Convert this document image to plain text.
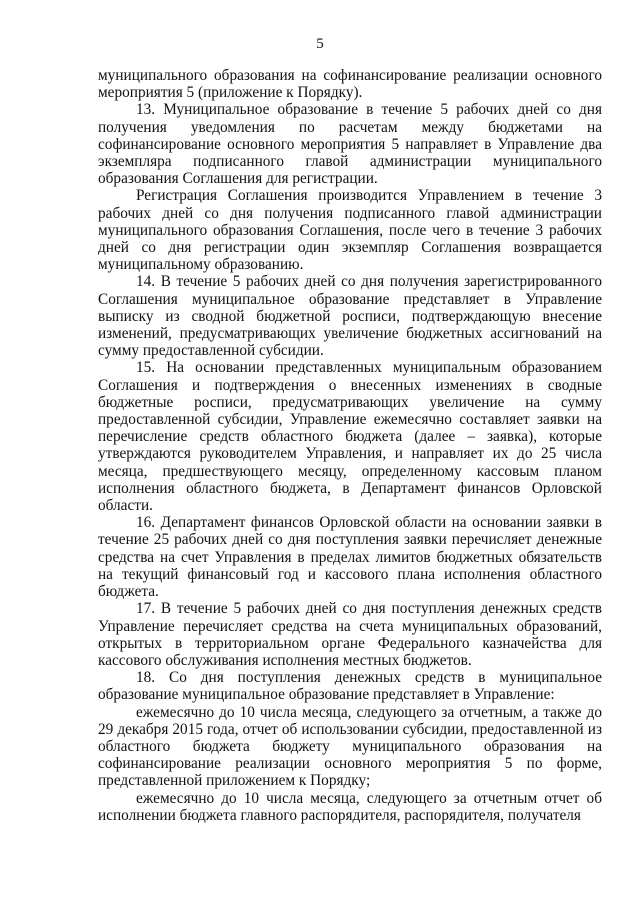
5

муниципального образования на софинансирование реализации основного мероприятия 5 (приложение к Порядку).

13. Муниципальное образование в течение 5 рабочих дней со дня получения уведомления по расчетам между бюджетами на софинансирование основного мероприятия 5 направляет в Управление два экземпляра подписанного главой администрации муниципального образования Соглашения для регистрации.

Регистрация Соглашения производится Управлением в течение 3 рабочих дней со дня получения подписанного главой администрации муниципального образования Соглашения, после чего в течение 3 рабочих дней со дня регистрации один экземпляр Соглашения возвращается муниципальному образованию.

14. В течение 5 рабочих дней со дня получения зарегистрированного Соглашения муниципальное образование представляет в Управление выписку из сводной бюджетной росписи, подтверждающую внесение изменений, предусматривающих увеличение бюджетных ассигнований на сумму предоставленной субсидии.

15. На основании представленных муниципальным образованием Соглашения и подтверждения о внесенных изменениях в сводные бюджетные росписи, предусматривающих увеличение на сумму предоставленной субсидии, Управление ежемесячно составляет заявки на перечисление средств областного бюджета (далее – заявка), которые утверждаются руководителем Управления, и направляет их до 25 числа месяца, предшествующего месяцу, определенному кассовым планом исполнения областного бюджета, в Департамент финансов Орловской области.

16. Департамент финансов Орловской области на основании заявки в течение 25 рабочих дней со дня поступления заявки перечисляет денежные средства на счет Управления в пределах лимитов бюджетных обязательств на текущий финансовый год и кассового плана исполнения областного бюджета.

17. В течение 5 рабочих дней со дня поступления денежных средств Управление перечисляет средства на счета муниципальных образований, открытых в территориальном органе Федерального казначейства для кассового обслуживания исполнения местных бюджетов.

18. Со дня поступления денежных средств в муниципальное образование муниципальное образование представляет в Управление:

ежемесячно до 10 числа месяца, следующего за отчетным, а также до 29 декабря 2015 года, отчет об использовании субсидии, предоставленной из областного бюджета бюджету муниципального образования на софинансирование реализации основного мероприятия 5 по форме, представленной приложением к Порядку;

ежемесячно до 10 числа месяца, следующего за отчетным отчет об исполнении бюджета главного распорядителя, распорядителя, получателя
